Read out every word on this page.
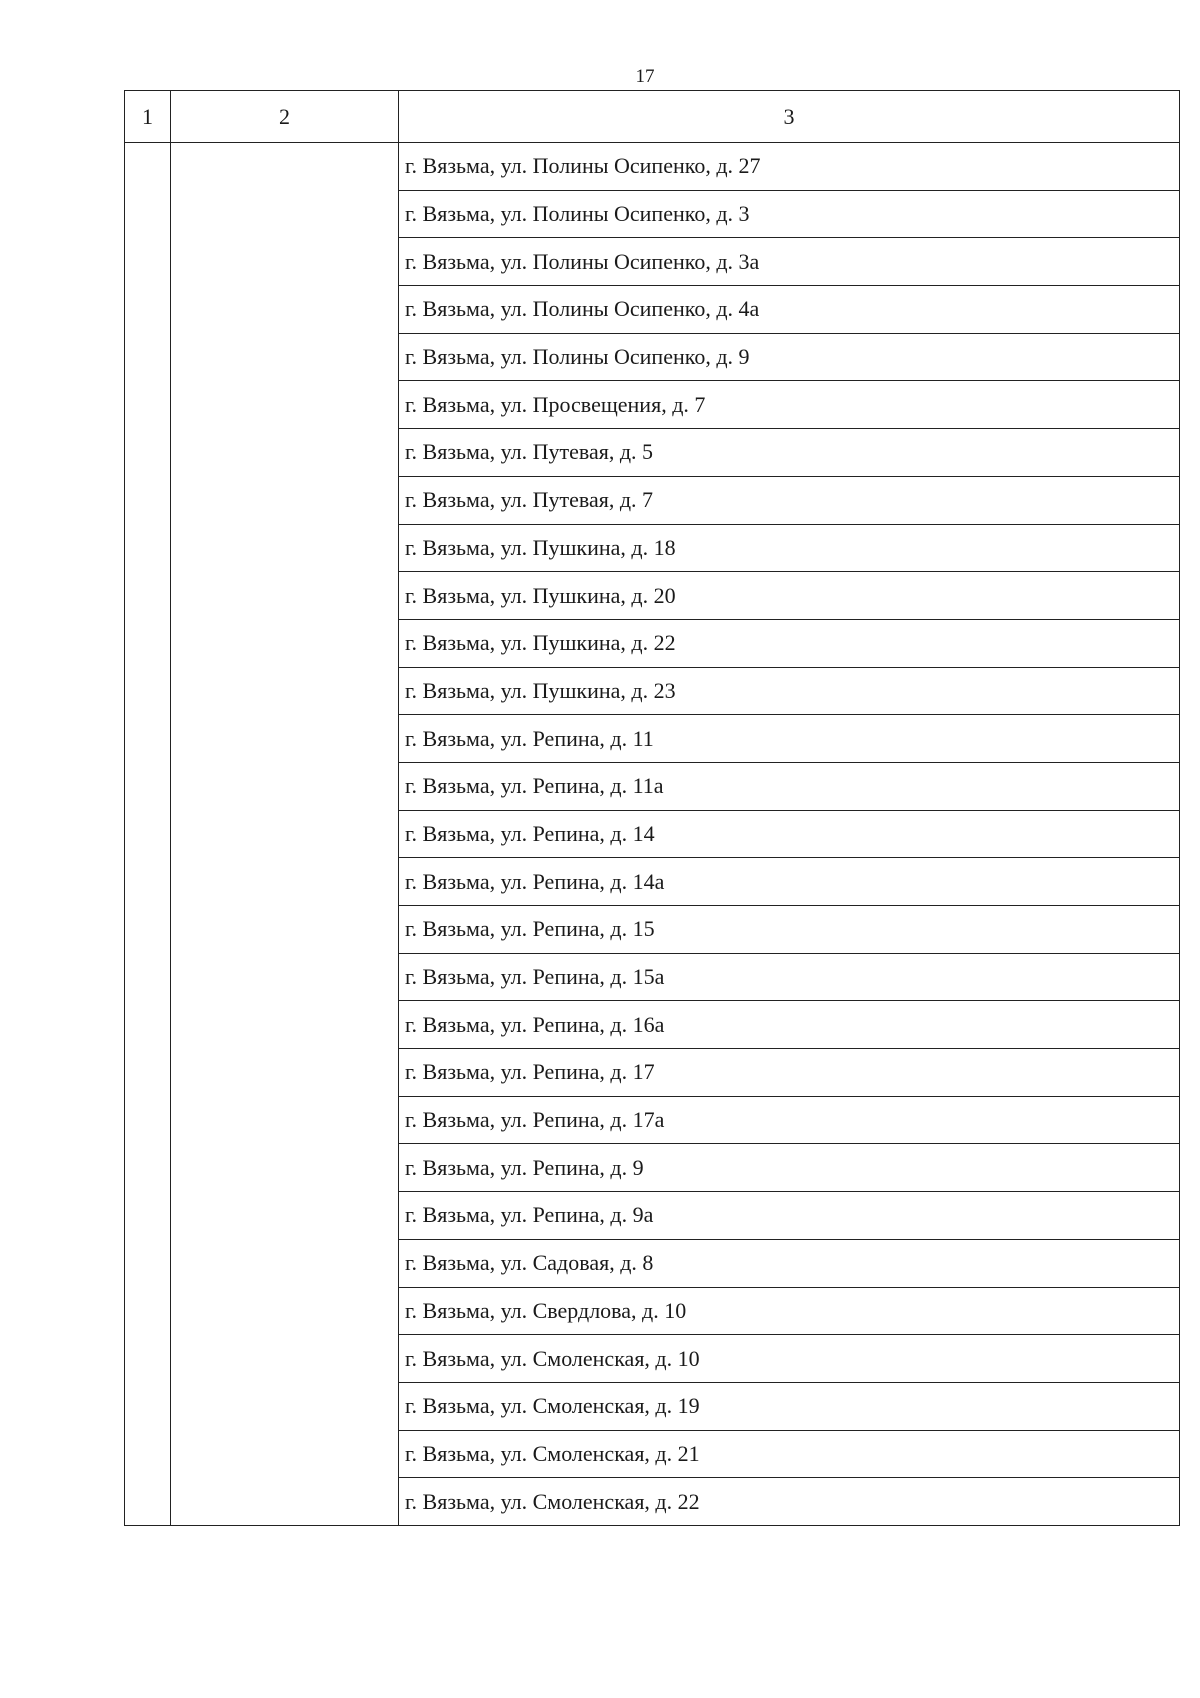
17
1	2	3
		г. Вязьма, ул. Полины Осипенко, д. 27
		г. Вязьма, ул. Полины Осипенко, д. 3
		г. Вязьма, ул. Полины Осипенко, д. 3а
		г. Вязьма, ул. Полины Осипенко, д. 4а
		г. Вязьма, ул. Полины Осипенко, д. 9
		г. Вязьма, ул. Просвещения, д. 7
		г. Вязьма, ул. Путевая, д. 5
		г. Вязьма, ул. Путевая, д. 7
		г. Вязьма, ул. Пушкина, д. 18
		г. Вязьма, ул. Пушкина, д. 20
		г. Вязьма, ул. Пушкина, д. 22
		г. Вязьма, ул. Пушкина, д. 23
		г. Вязьма, ул. Репина, д. 11
		г. Вязьма, ул. Репина, д. 11а
		г. Вязьма, ул. Репина, д. 14
		г. Вязьма, ул. Репина, д. 14а
		г. Вязьма, ул. Репина, д. 15
		г. Вязьма, ул. Репина, д. 15а
		г. Вязьма, ул. Репина, д. 16а
		г. Вязьма, ул. Репина, д. 17
		г. Вязьма, ул. Репина, д. 17а
		г. Вязьма, ул. Репина, д. 9
		г. Вязьма, ул. Репина, д. 9а
		г. Вязьма, ул. Садовая, д. 8
		г. Вязьма, ул. Свердлова, д. 10
		г. Вязьма, ул. Смоленская, д. 10
		г. Вязьма, ул. Смоленская, д. 19
		г. Вязьма, ул. Смоленская, д. 21
		г. Вязьма, ул. Смоленская, д. 22
